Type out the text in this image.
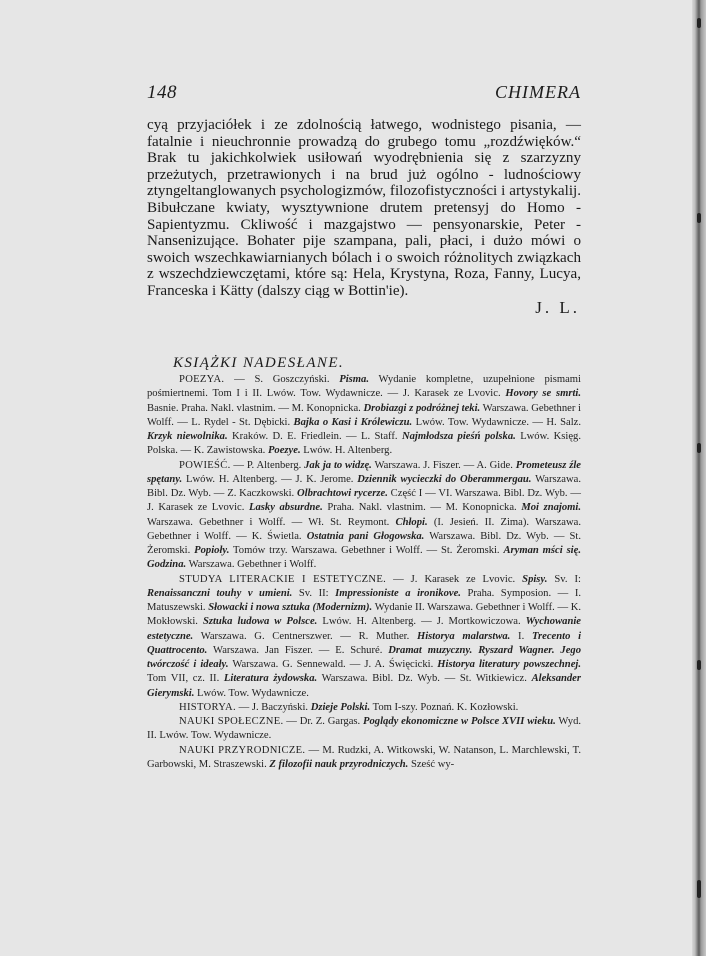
148	CHIMERA

cyą przyjaciółek i ze zdolnością łatwego, wodnistego pisania, — fatalnie i nieuchronnie prowadzą do grubego tomu „rozdźwięków.“ Brak tu jakichkolwiek usiłowań wyodrębnienia się z szarzyzny przeżutych, przetrawionych i na brud już ogólno - ludnościowy ztyngeltanglowanych psychologizmów, filozofistyczności i artystykalij. Bibułczane kwiaty, wysztywnione drutem pretensyj do Homo - Sapientyzmu. Ckliwość i mazgajstwo — pensyonarskie, Peter - Nansenizujące. Bohater pije szampana, pali, płaci, i dużo mówi o swoich wszechkawiarnianych bólach i o swoich różnolitych związkach z wszechdziewczętami, które są: Hela, Krystyna, Roza, Fanny, Lucya, Franceska i Kätty (dalszy ciąg w Bottin'ie).

J. L.
KSIĄŻKI NADESŁANE.

POEZYA. — S. Goszczyński. Pisma. Wydanie kompletne, uzupełnione pismami pośmiertnemi. Tom I i II. Lwów. Tow. Wydawnicze. — J. Karasek ze Lvovic. Hovory se smrti. Basnie. Praha. Nakl. vlastnim. — M. Konopnicka. Drobiazgi z podróżnej teki. Warszawa. Gebethner i Wolff. — L. Rydel - St. Dębicki. Bajka o Kasi i Królewiczu. Lwów. Tow. Wydawnicze. — H. Salz. Krzyk niewolnika. Kraków. D. E. Friedlein. — L. Staff. Najmłodsza pieśń polska. Lwów. Księg. Polska. — K. Zawistowska. Poezye. Lwów. H. Altenberg.

POWIEŚĆ. — P. Altenberg. Jak ja to widzę. Warszawa. J. Fiszer. — A. Gide. Prometeusz źle spętany. Lwów. H. Altenberg. — J. K. Jerome. Dziennik wycieczki do Oberammergau. Warszawa. Bibl. Dz. Wyb. — Z. Kaczkowski. Olbrachtowi rycerze. Część I — VI. Warszawa. Bibl. Dz. Wyb. — J. Karasek ze Lvovic. Lasky absurdne. Praha. Nakl. vlastnim. — M. Konopnicka. Moi znajomi. Warszawa. Gebethner i Wolff. — Wł. St. Reymont. Chłopi. (I. Jesień. II. Zima). Warszawa. Gebethner i Wolff. — K. Świetla. Ostatnia pani Głogowska. Warszawa. Bibl. Dz. Wyb. — St. Żeromski. Popioły. Tomów trzy. Warszawa. Gebethner i Wolff. — St. Żeromski. Aryman mści się. Godzina. Warszawa. Gebethner i Wolff.

STUDYA LITERACKIE I ESTETYCZNE. — J. Karasek ze Lvovic. Spisy. Sv. I: Renaissanczni touhy v umieni. Sv. II: Impressioniste a ironikove. Praha. Symposion. — I. Matuszewski. Słowacki i nowa sztuka (Modernizm). Wydanie II. Warszawa. Gebethner i Wolff. — K. Mokłowski. Sztuka ludowa w Polsce. Lwów. H. Altenberg. — J. Mortkowiczowa. Wychowanie estetyczne. Warszawa. G. Centnerszwer. — R. Muther. Historya malarstwa. I. Trecento i Quattrocento. Warszawa. Jan Fiszer. — E. Schuré. Dramat muzyczny. Ryszard Wagner. Jego twórczość i ideały. Warszawa. G. Sennewald. — J. A. Święcicki. Historya literatury powszechnej. Tom VII, cz. II. Literatura żydowska. Warszawa. Bibl. Dz. Wyb. — St. Witkiewicz. Aleksander Gierymski. Lwów. Tow. Wydawnicze.

HISTORYA. — J. Baczyński. Dzieje Polski. Tom I-szy. Poznań. K. Kozłowski.

NAUKI SPOŁECZNE. — Dr. Z. Gargas. Poglądy ekonomiczne w Polsce XVII wieku. Wyd. II. Lwów. Tow. Wydawnicze.

NAUKI PRZYRODNICZE. — M. Rudzki, A. Witkowski, W. Natanson, L. Marchlewski, T. Garbowski, M. Straszewski. Z filozofii nauk przyrodniczych. Sześć wy-
